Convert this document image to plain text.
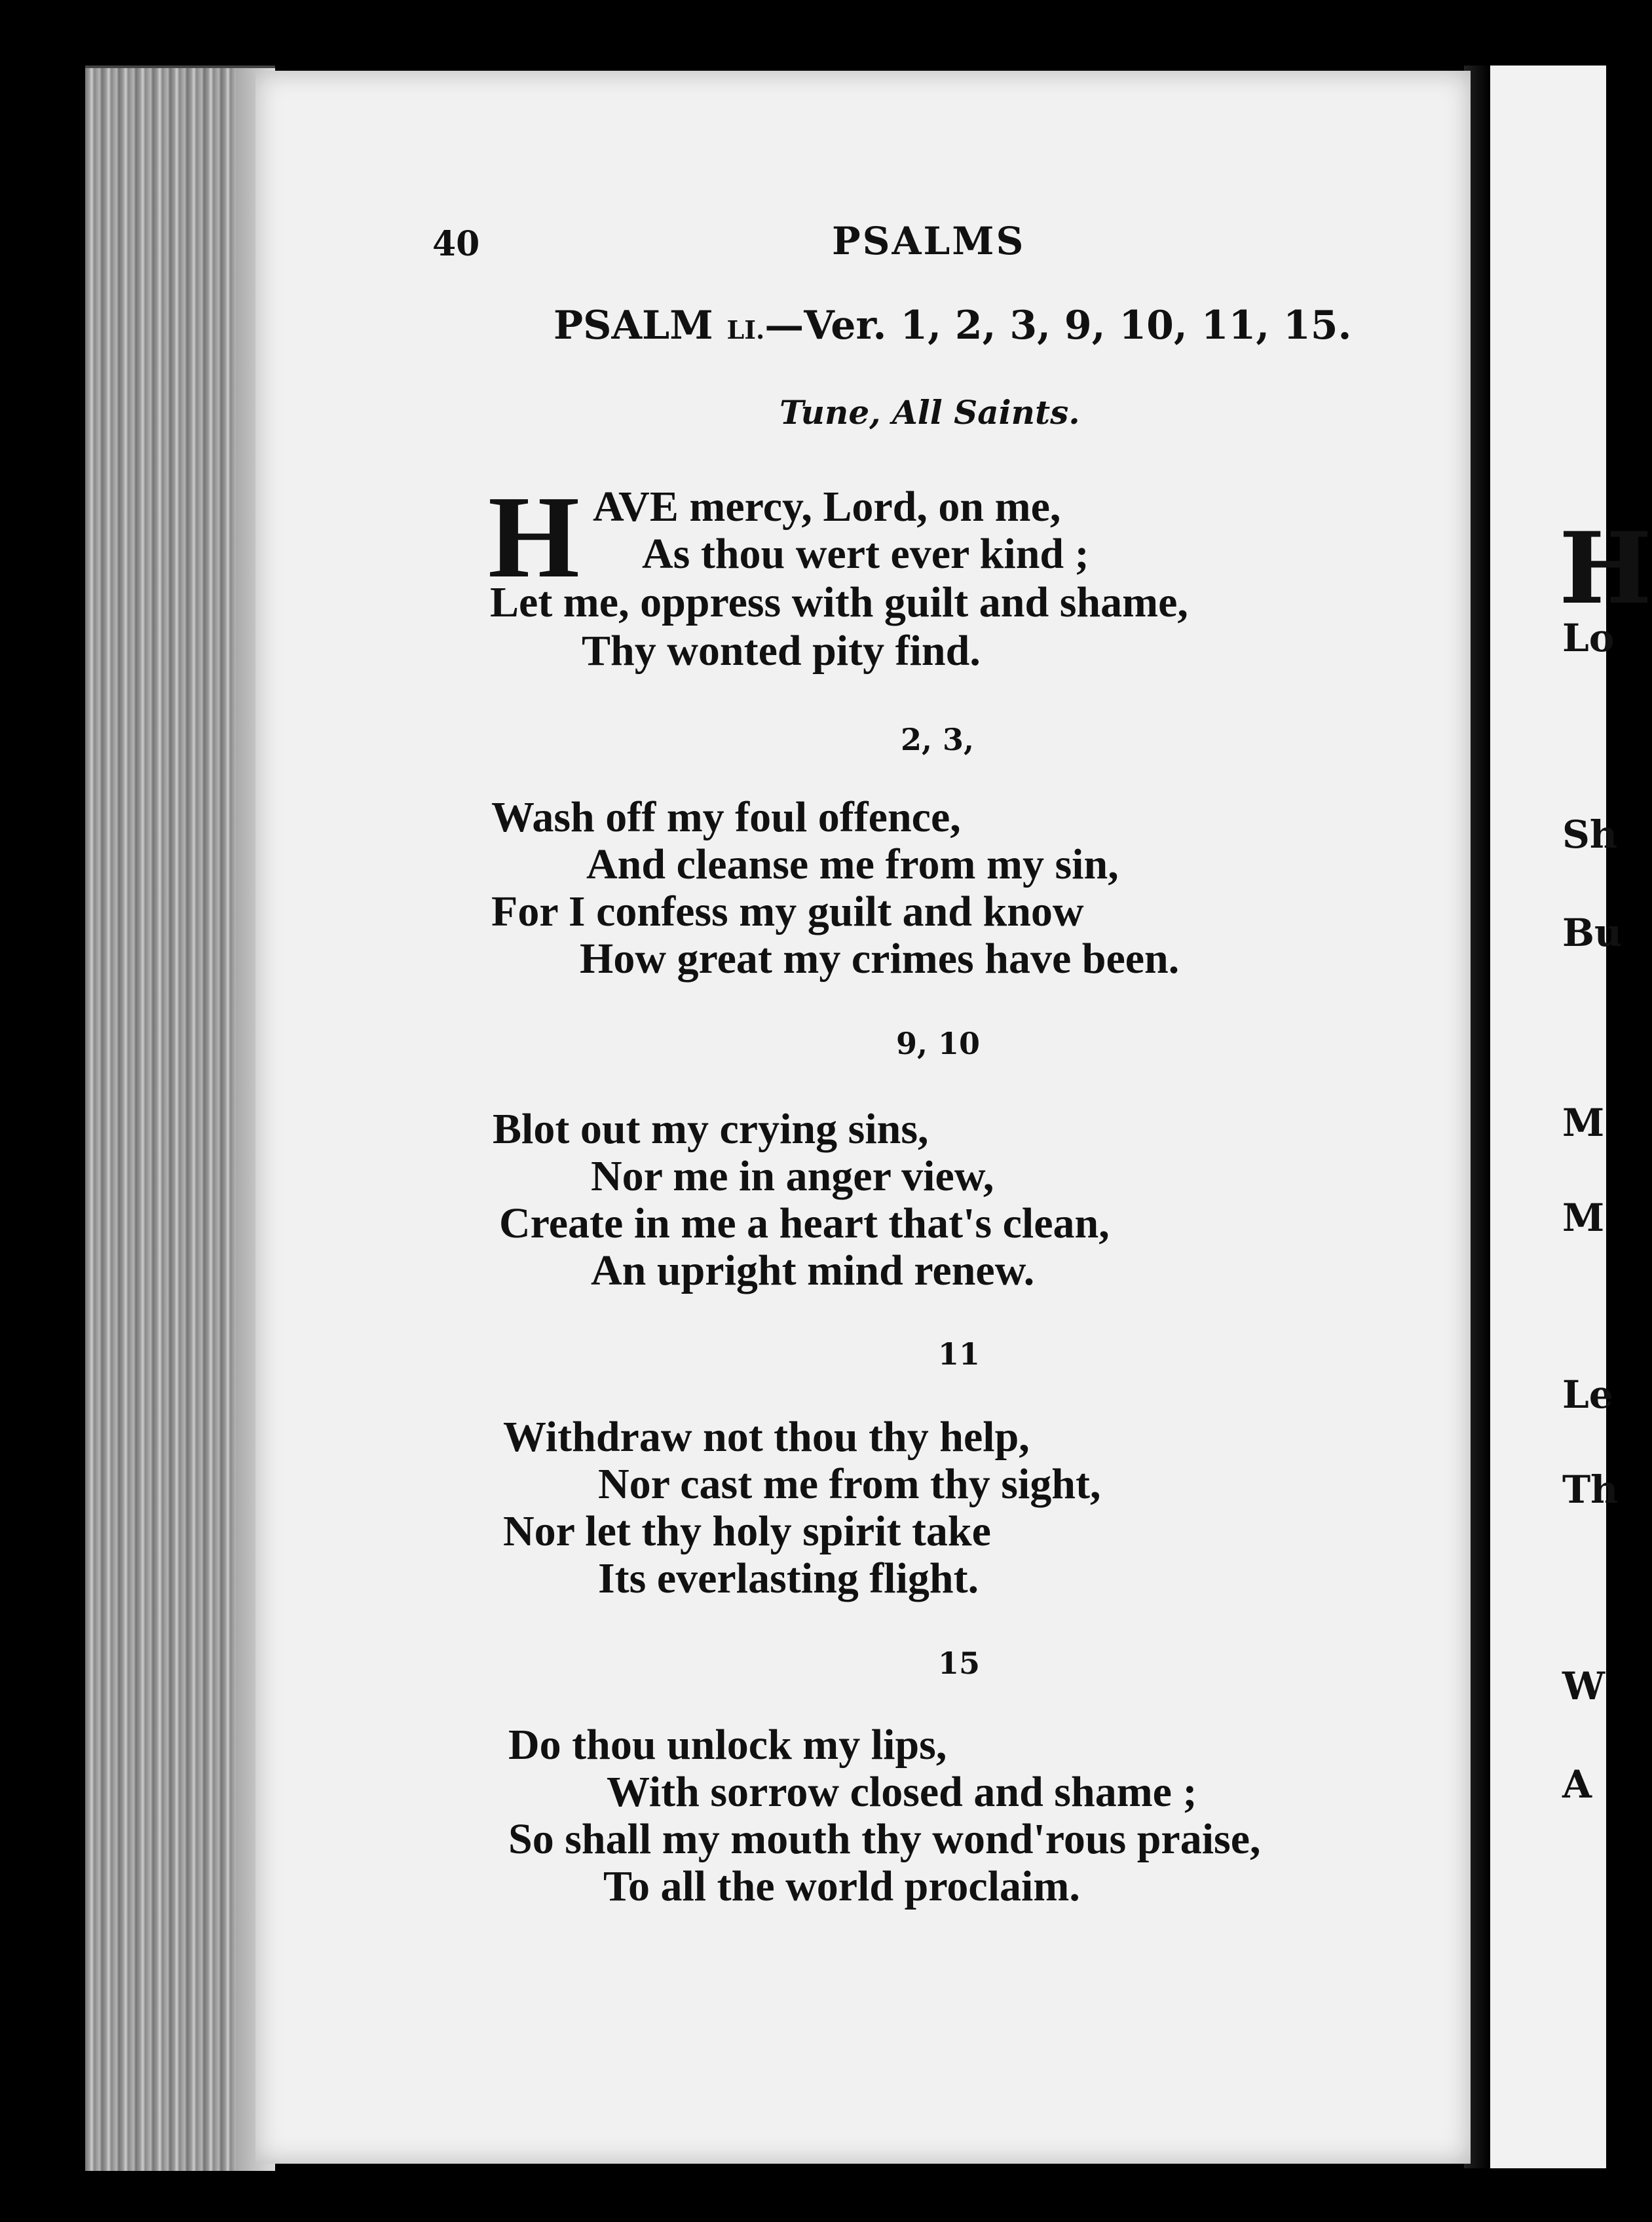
H
Lo
Sh
Bu
M
M
Le
Th
W
A
40	PSALMS
PSALM LI.—Ver. 1, 2, 3, 9, 10, 11, 15.
Tune, All Saints.
H AVE mercy, Lord, on me,
As thou wert ever kind ;
Let me, oppress with guilt and shame,
Thy wonted pity find.
2, 3,
Wash off my foul offence,
And cleanse me from my sin,
For I confess my guilt and know
How great my crimes have been.
9, 10
Blot out my crying sins,
Nor me in anger view,
Create in me a heart that's clean,
An upright mind renew.
11
Withdraw not thou thy help,
Nor cast me from thy sight,
Nor let thy holy spirit take
Its everlasting flight.
15
Do thou unlock my lips,
With sorrow closed and shame ;
So shall my mouth thy wond'rous praise,
To all the world proclaim.
